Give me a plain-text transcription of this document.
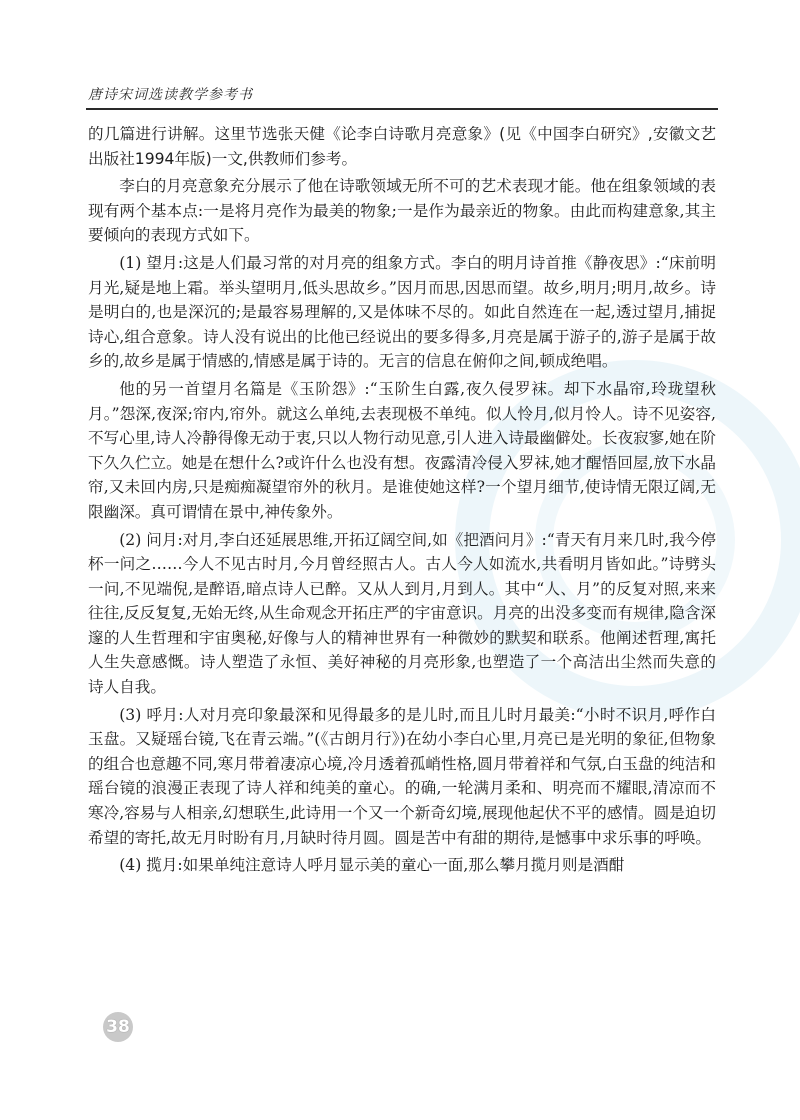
唐诗宋词选读教学参考书

的几篇进行讲解。这里节选张天健《论李白诗歌月亮意象》(见《中国李白研究》,安徽文艺出版社1994年版)一文,供教师们参考。

李白的月亮意象充分展示了他在诗歌领域无所不可的艺术表现才能。他在组象领域的表现有两个基本点:一是将月亮作为最美的物象;一是作为最亲近的物象。由此而构建意象,其主要倾向的表现方式如下。

(1) 望月:这是人们最习常的对月亮的组象方式。李白的明月诗首推《静夜思》:“床前明月光,疑是地上霜。举头望明月,低头思故乡。”因月而思,因思而望。故乡,明月;明月,故乡。诗是明白的,也是深沉的;是最容易理解的,又是体味不尽的。如此自然连在一起,透过望月,捕捉诗心,组合意象。诗人没有说出的比他已经说出的要多得多,月亮是属于游子的,游子是属于故乡的,故乡是属于情感的,情感是属于诗的。无言的信息在俯仰之间,顿成绝唱。

他的另一首望月名篇是《玉阶怨》:“玉阶生白露,夜久侵罗袜。却下水晶帘,玲珑望秋月。”怨深,夜深;帘内,帘外。就这么单纯,去表现极不单纯。似人怜月,似月怜人。诗不见姿容,不写心里,诗人冷静得像无动于衷,只以人物行动见意,引人进入诗最幽僻处。长夜寂寥,她在阶下久久伫立。她是在想什么?或许什么也没有想。夜露清冷侵入罗袜,她才醒悟回屋,放下水晶帘,又未回内房,只是痴痴凝望帘外的秋月。是谁使她这样?一个望月细节,使诗情无限辽阔,无限幽深。真可谓情在景中,神传象外。

(2) 问月:对月,李白还延展思维,开拓辽阔空间,如《把酒问月》:“青天有月来几时,我今停杯一问之……今人不见古时月,今月曾经照古人。古人今人如流水,共看明月皆如此。”诗劈头一问,不见端倪,是醉语,暗点诗人已醉。又从人到月,月到人。其中“人、月”的反复对照,来来往往,反反复复,无始无终,从生命观念开拓庄严的宇宙意识。月亮的出没多变而有规律,隐含深邃的人生哲理和宇宙奥秘,好像与人的精神世界有一种微妙的默契和联系。他阐述哲理,寓托人生失意感慨。诗人塑造了永恒、美好神秘的月亮形象,也塑造了一个高洁出尘然而失意的诗人自我。

(3) 呼月:人对月亮印象最深和见得最多的是儿时,而且儿时月最美:“小时不识月,呼作白玉盘。又疑瑶台镜,飞在青云端。”(《古朗月行》)在幼小李白心里,月亮已是光明的象征,但物象的组合也意趣不同,寒月带着凄凉心境,冷月透着孤峭性格,圆月带着祥和气氛,白玉盘的纯洁和瑶台镜的浪漫正表现了诗人祥和纯美的童心。的确,一轮满月柔和、明亮而不耀眼,清凉而不寒冷,容易与人相亲,幻想联生,此诗用一个又一个新奇幻境,展现他起伏不平的感情。圆是迫切希望的寄托,故无月时盼有月,月缺时待月圆。圆是苦中有甜的期待,是憾事中求乐事的呼唤。

(4) 揽月:如果单纯注意诗人呼月显示美的童心一面,那么攀月揽月则是酒酣

38
